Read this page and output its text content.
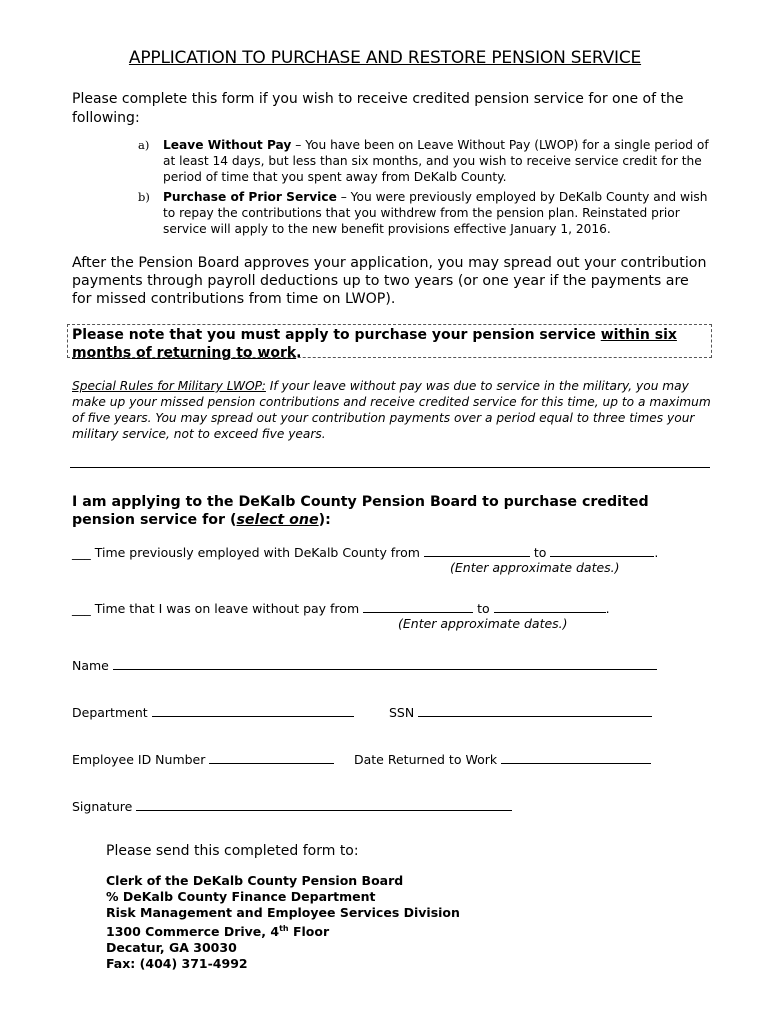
APPLICATION TO PURCHASE AND RESTORE PENSION SERVICE
Please complete this form if you wish to receive credited pension service for one of the following:
a) Leave Without Pay – You have been on Leave Without Pay (LWOP) for a single period of at least 14 days, but less than six months, and you wish to receive service credit for the period of time that you spent away from DeKalb County.
b) Purchase of Prior Service – You were previously employed by DeKalb County and wish to repay the contributions that you withdrew from the pension plan. Reinstated prior service will apply to the new benefit provisions effective January 1, 2016.
After the Pension Board approves your application, you may spread out your contribution payments through payroll deductions up to two years (or one year if the payments are for missed contributions from time on LWOP).
Please note that you must apply to purchase your pension service within six months of returning to work.
Special Rules for Military LWOP: If your leave without pay was due to service in the military, you may make up your missed pension contributions and receive credited service for this time, up to a maximum of five years. You may spread out your contribution payments over a period equal to three times your military service, not to exceed five years.
I am applying to the DeKalb County Pension Board to purchase credited pension service for (select one):
___ Time previously employed with DeKalb County from	to	.
(Enter approximate dates.)
___ Time that I was on leave without pay from	to	.
(Enter approximate dates.)
Name
Department	SSN
Employee ID Number	Date Returned to Work
Signature
Please send this completed form to:
Clerk of the DeKalb County Pension Board
% DeKalb County Finance Department
Risk Management and Employee Services Division
1300 Commerce Drive, 4th Floor
Decatur, GA 30030
Fax: (404) 371-4992
